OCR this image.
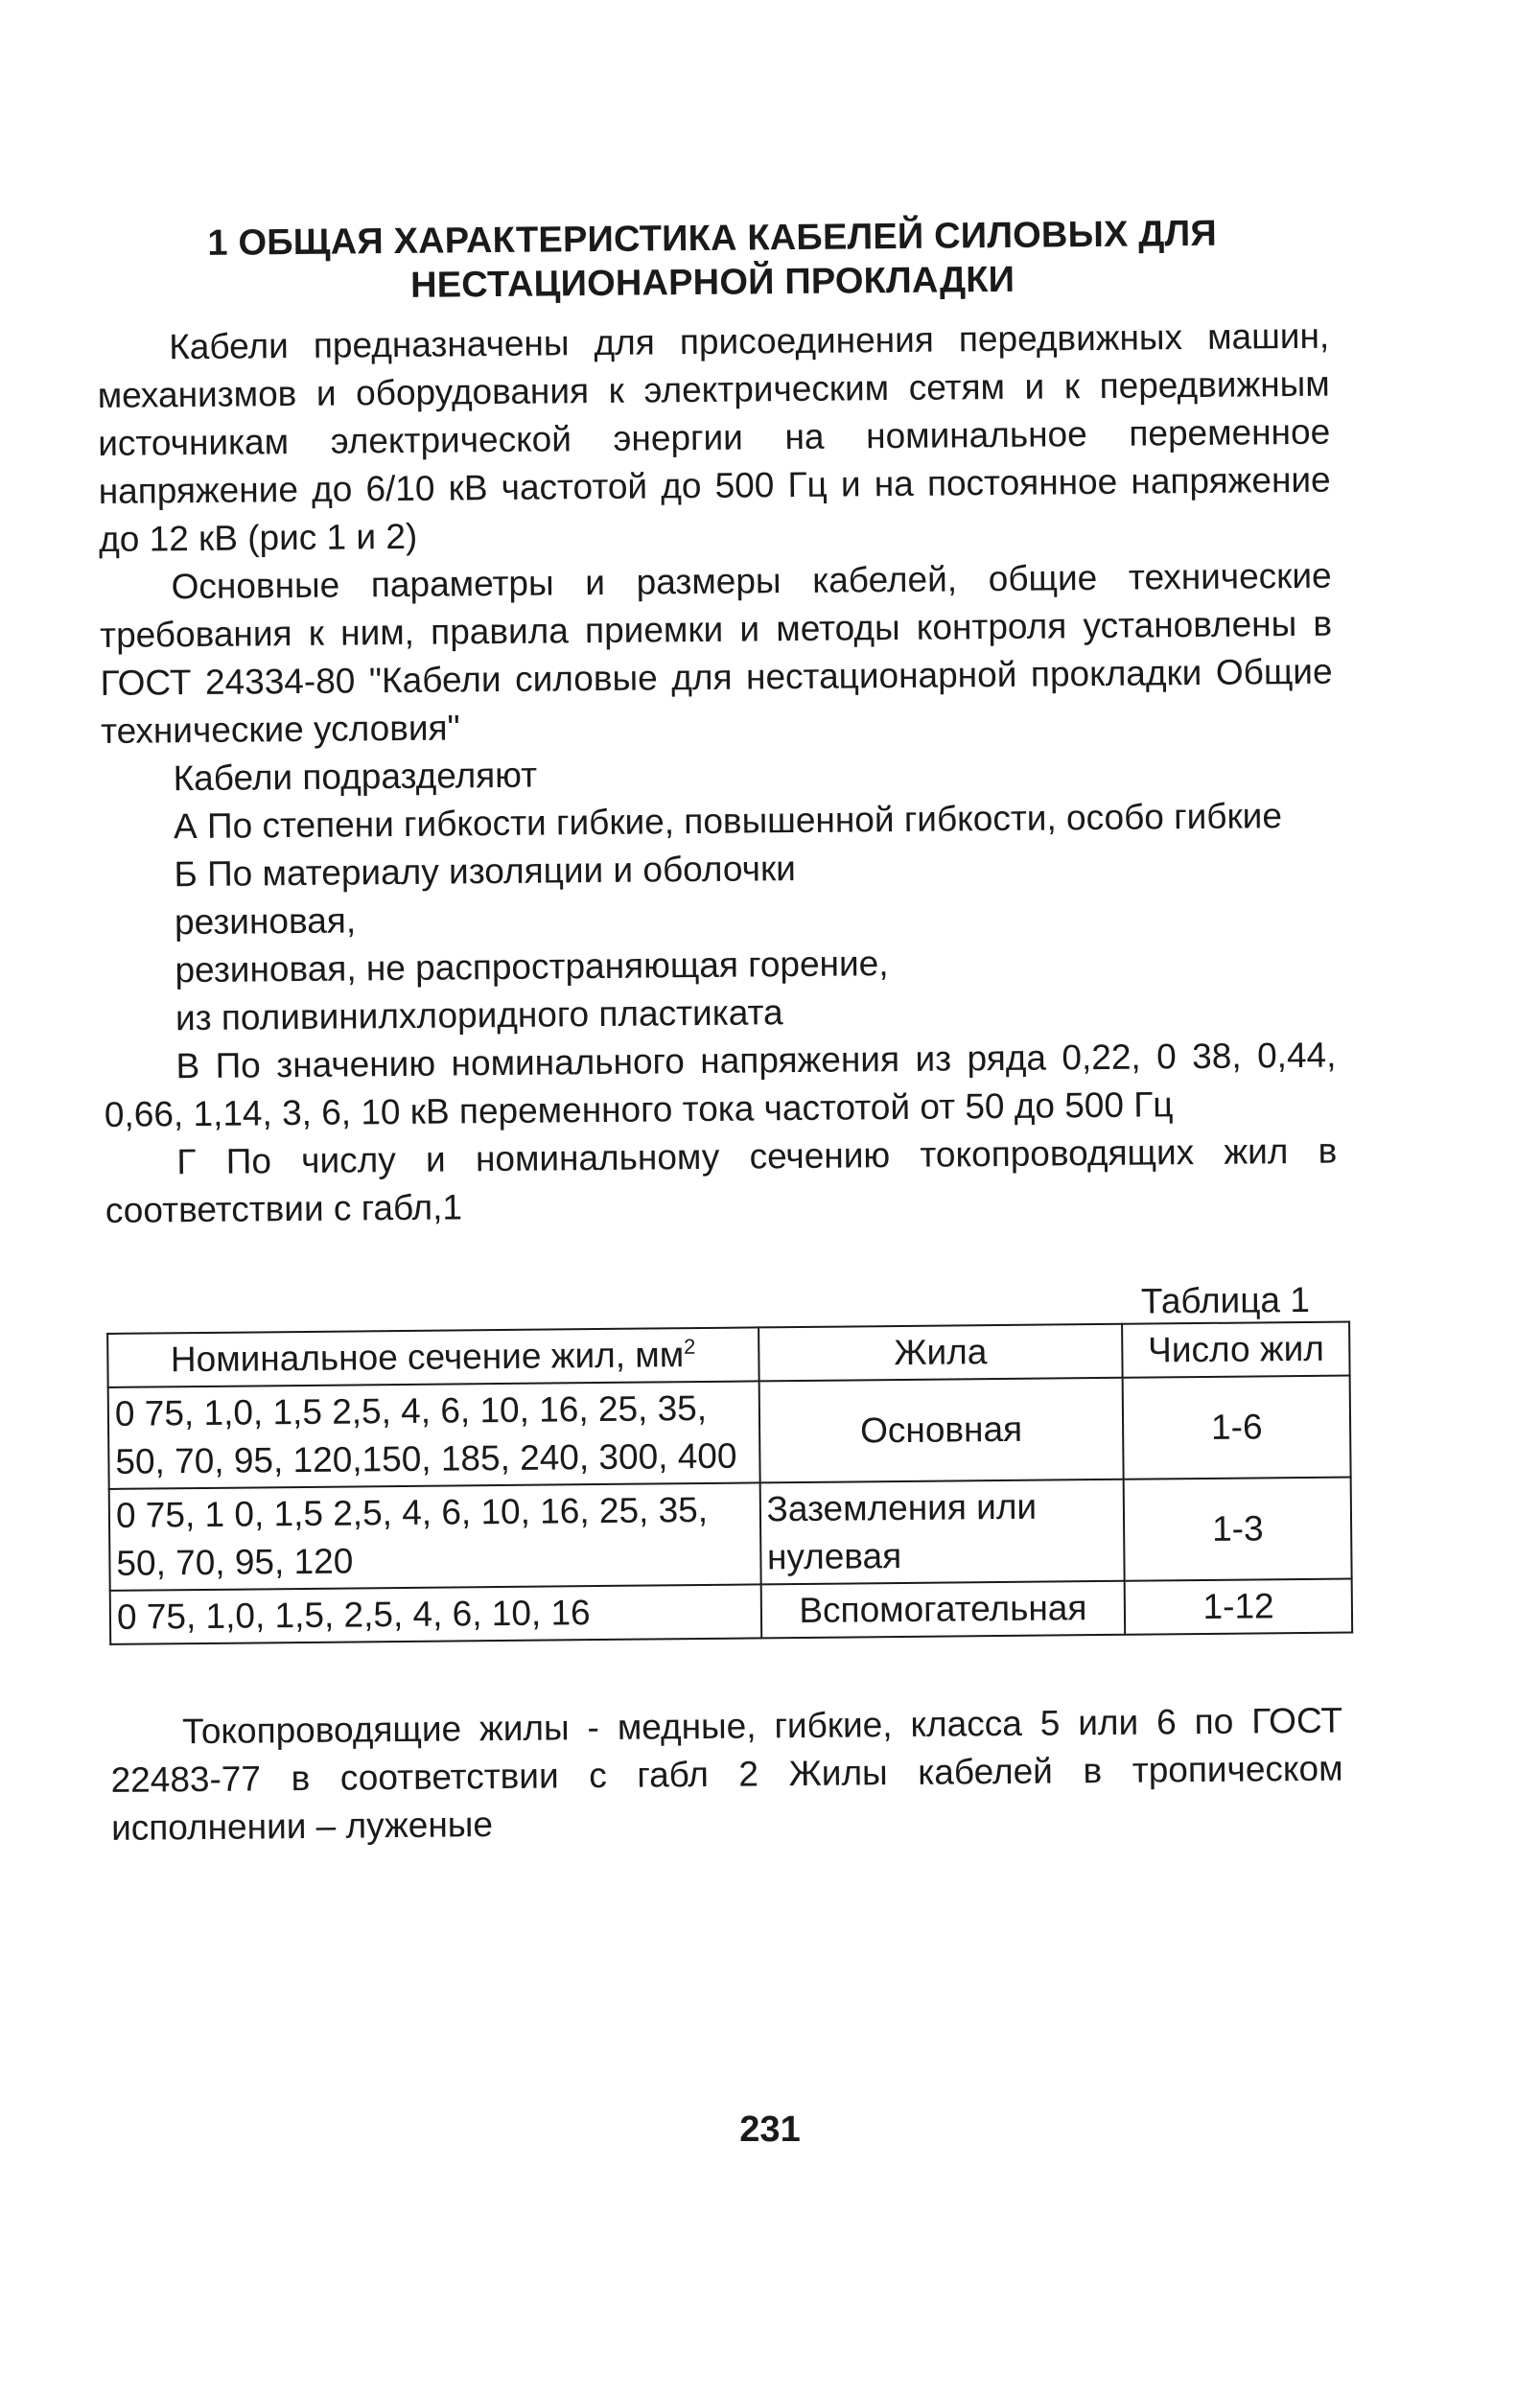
1 ОБЩАЯ ХАРАКТЕРИСТИКА КАБЕЛЕЙ СИЛОВЫХ ДЛЯ НЕСТАЦИОНАРНОЙ ПРОКЛАДКИ

Кабели предназначены для присоединения передвижных машин, механизмов и оборудования к электрическим сетям и к передвижным источникам электрической энергии на номинальное переменное напряжение до 6/10 кВ частотой до 500 Гц и на постоянное напряжение до 12 кВ (рис 1 и 2)

Основные параметры и размеры кабелей, общие технические требования к ним, правила приемки и методы контроля установлены в ГОСТ 24334-80 "Кабели силовые для нестационарной прокладки Общие технические условия"

Кабели подразделяют

А По степени гибкости гибкие, повышенной гибкости, особо гибкие

Б По материалу изоляции и оболочки

резиновая,

резиновая, не распространяющая горение,

из поливинилхлоридного пластиката

В По значению номинального напряжения из ряда 0,22, 0 38, 0,44, 0,66, 1,14, 3, 6, 10 кВ переменного тока частотой от 50 до 500 Гц

Г По числу и номинальному сечению токопроводящих жил в соответствии с габл,1

Таблица 1
Номинальное сечение жил, $мм^2$	Жила	Число жил
0 75, 1,0, 1,5 2,5, 4, 6, 10, 16, 25, 35, 50, 70, 95, 120,150, 185, 240, 300, 400	Основная	1-6
0 75, 1 0, 1,5 2,5, 4, 6, 10, 16, 25, 35, 50, 70, 95, 120	Заземления или нулевая	1-3
0 75, 1,0, 1,5, 2,5, 4, 6, 10, 16	Вспомогательная	1-12

Токопроводящие жилы - медные, гибкие, класса 5 или 6 по ГОСТ 22483-77 в соответствии с габл 2 Жилы кабелей в тропическом исполнении – луженые

231
